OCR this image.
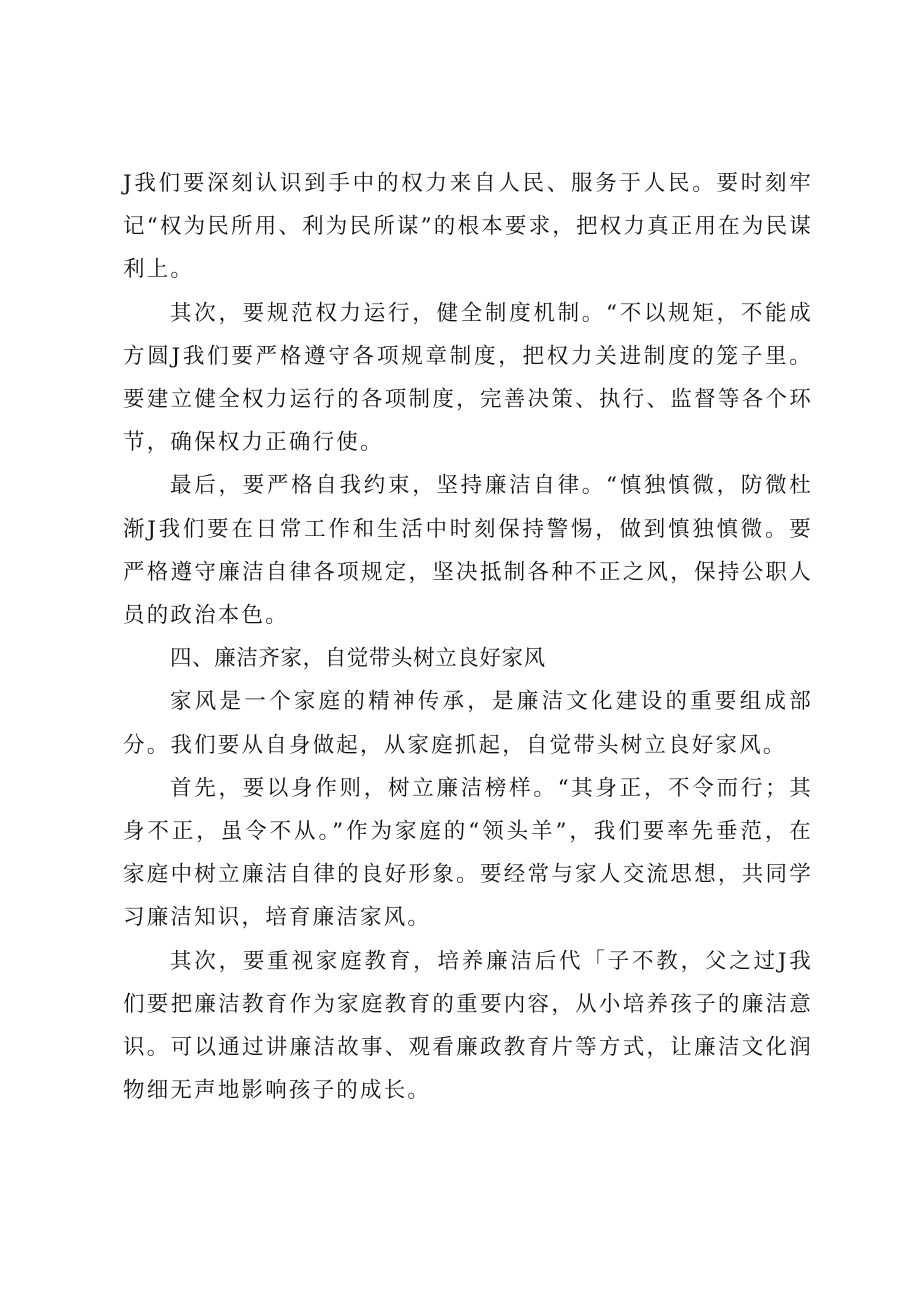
J我们要深刻认识到手中的权力来自人民、服务于人民。要时刻牢记“权为民所用、利为民所谋”的根本要求，把权力真正用在为民谋利上。

其次，要规范权力运行，健全制度机制。“不以规矩，不能成方圆J我们要严格遵守各项规章制度，把权力关进制度的笼子里。要建立健全权力运行的各项制度，完善决策、执行、监督等各个环节，确保权力正确行使。

最后，要严格自我约束，坚持廉洁自律。“慎独慎微，防微杜渐J我们要在日常工作和生活中时刻保持警惕，做到慎独慎微。要严格遵守廉洁自律各项规定，坚决抵制各种不正之风，保持公职人员的政治本色。

四、廉洁齐家，自觉带头树立良好家风

家风是一个家庭的精神传承，是廉洁文化建设的重要组成部分。我们要从自身做起，从家庭抓起，自觉带头树立良好家风。

首先，要以身作则，树立廉洁榜样。“其身正，不令而行；其身不正，虽令不从。”作为家庭的“领头羊”，我们要率先垂范，在家庭中树立廉洁自律的良好形象。要经常与家人交流思想，共同学习廉洁知识，培育廉洁家风。

其次，要重视家庭教育，培养廉洁后代「子不教，父之过J我们要把廉洁教育作为家庭教育的重要内容，从小培养孩子的廉洁意识。可以通过讲廉洁故事、观看廉政教育片等方式，让廉洁文化润物细无声地影响孩子的成长。
